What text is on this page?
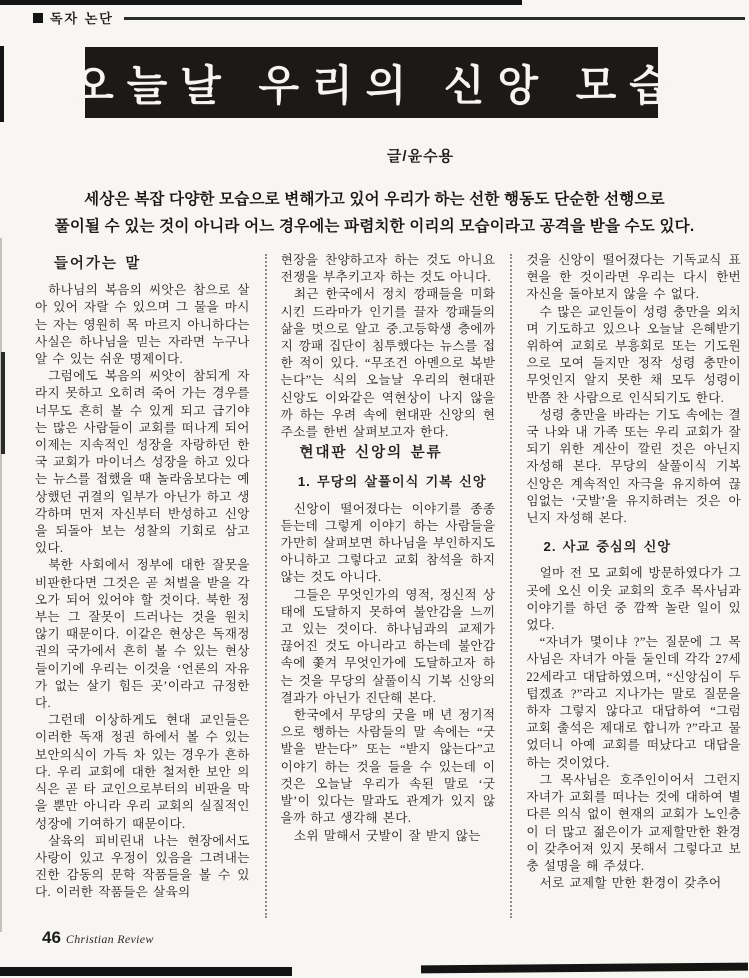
독자 논단
오늘날 우리의 신앙 모습
글/윤수용
세상은 복잡 다양한 모습으로 변해가고 있어 우리가 하는 선한 행동도 단순한 선행으로
풀이될 수 있는 것이 아니라 어느 경우에는 파렴치한 이리의 모습이라고 공격을 받을 수도 있다.
들어가는 말
하나님의 복음의 씨앗은 참으로 살아 있어 자랄 수 있으며 그 물을 마시는 자는 영원히 목 마르지 아니하다는 사실은 하나님을 믿는 자라면 누구나 알 수 있는 쉬운 명제이다.
그럼에도 복음의 씨앗이 참되게 자라지 못하고 오히려 죽어 가는 경우를 너무도 흔히 볼 수 있게 되고 급기야는 많은 사람들이 교회를 떠나게 되어 이제는 지속적인 성장을 자랑하던 한국 교회가 마이너스 성장을 하고 있다는 뉴스를 접했을 때 놀라움보다는 예상했던 귀결의 일부가 아닌가 하고 생각하며 먼저 자신부터 반성하고 신앙을 되돌아 보는 성찰의 기회로 삼고 있다.
북한 사회에서 정부에 대한 잘못을 비판한다면 그것은 곧 처벌을 받을 각오가 되어 있어야 할 것이다. 북한 정부는 그 잘못이 드러나는 것을 원치 않기 때문이다. 이같은 현상은 독재정권의 국가에서 흔히 볼 수 있는 현상들이기에 우리는 이것을 ‘언론의 자유가 없는 살기 힘든 곳’이라고 규정한다.
그런데 이상하게도 현대 교인들은 이러한 독재 정권 하에서 볼 수 있는 보안의식이 가득 차 있는 경우가 흔하다. 우리 교회에 대한 철저한 보안 의식은 곧 타 교인으로부터의 비판을 막을 뿐만 아니라 우리 교회의 실질적인 성장에 기여하기 때문이다.
살육의 피비린내 나는 현장에서도 사랑이 있고 우정이 있음을 그려내는 진한 감동의 문학 작품들을 볼 수 있다. 이러한 작품들은 살육의
현장을 찬양하고자 하는 것도 아니요 전쟁을 부추키고자 하는 것도 아니다.
최근 한국에서 정치 깡패들을 미화시킨 드라마가 인기를 끌자 깡패들의 삶을 멋으로 알고 중.고등학생 층에까지 깡패 집단이 침투했다는 뉴스를 접한 적이 있다. “무조건 아멘으로 복받는다”는 식의 오늘날 우리의 현대판 신앙도 이와같은 역현상이 나지 않을까 하는 우려 속에 현대판 신앙의 현주소를 한번 살펴보고자 한다.
현대판 신앙의 분류
1. 무당의 살풀이식 기복 신앙
신앙이 떨어졌다는 이야기를 종종 듣는데 그렇게 이야기 하는 사람들을 가만히 살펴보면 하나님을 부인하지도 아니하고 그렇다고 교회 참석을 하지 않는 것도 아니다.
그들은 무엇인가의 영적, 정신적 상태에 도달하지 못하여 불안감을 느끼고 있는 것이다. 하나님과의 교제가 끊어진 것도 아니라고 하는데 불안감 속에 쫓겨 무엇인가에 도달하고자 하는 것을 무당의 살풀이식 기복 신앙의 결과가 아닌가 진단해 본다.
한국에서 무당의 굿을 매 년 정기적으로 행하는 사람들의 말 속에는 “굿발을 받는다” 또는 “받지 않는다”고 이야기 하는 것을 들을 수 있는데 이것은 오늘날 우리가 속된 말로 ‘굿발’이 있다는 말과도 관계가 있지 않을까 하고 생각해 본다.
소위 말해서 굿발이 잘 받지 않는
것을 신앙이 떨어졌다는 기독교식 표현을 한 것이라면 우리는 다시 한번 자신을 돌아보지 않을 수 없다.
수 많은 교인들이 성령 충만을 외치며 기도하고 있으나 오늘날 은혜받기 위하여 교회로 부흥회로 또는 기도원으로 모여 들지만 정작 성령 충만이 무엇인지 알지 못한 채 모두 성령이 반쯤 찬 사람으로 인식되기도 한다.
성령 충만을 바라는 기도 속에는 결국 나와 내 가족 또는 우리 교회가 잘되기 위한 계산이 깔린 것은 아닌지 자성해 본다. 무당의 살풀이식 기복 신앙은 계속적인 자극을 유지하여 끊임없는 ‘굿발’을 유지하려는 것은 아닌지 자성해 본다.
2. 사교 중심의 신앙
얼마 전 모 교회에 방문하였다가 그 곳에 오신 이웃 교회의 호주 목사님과 이야기를 하던 중 깜짝 놀란 일이 있었다.
“자녀가 몇이냐 ?”는 질문에 그 목사님은 자녀가 아들 둘인데 각각 27세 22세라고 대답하였으며, “신앙심이 두텁겠죠 ?”라고 지나가는 말로 질문을 하자 그렇지 않다고 대답하여 “그럼 교회 출석은 제대로 합니까 ?”라고 물었더니 아예 교회를 떠났다고 대답을 하는 것이었다.
그 목사님은 호주인이어서 그런지 자녀가 교회를 떠나는 것에 대하여 별다른 의식 없이 현재의 교회가 노인층이 더 많고 젊은이가 교제할만한 환경이 갖추어져 있지 못해서 그렇다고 보충 설명을 해 주셨다.
서로 교제할 만한 환경이 갖추어
46 Christian Review
